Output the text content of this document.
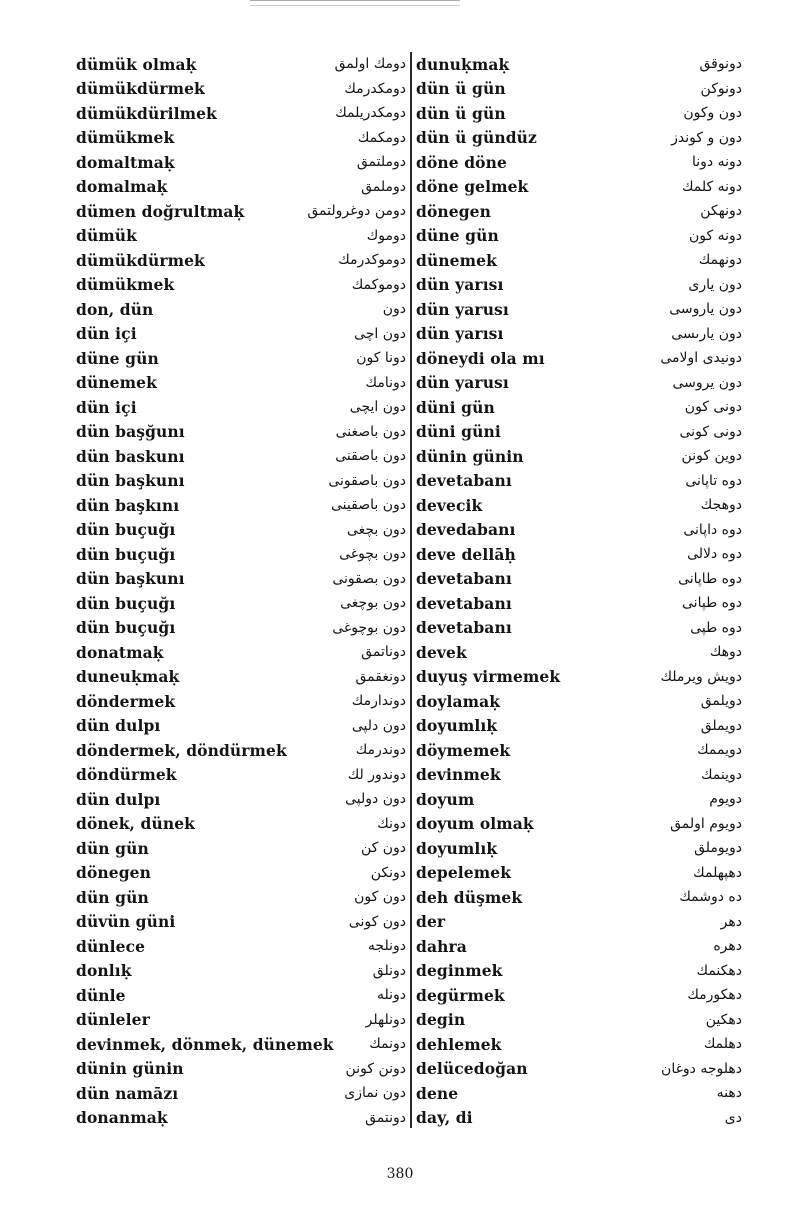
dümük olmaḳ	دومك اولمق
dümükdürmek	دومكدرمك
dümükdürilmek	دومكدريلمك
dümükmek	دومكمك
domaltmaḳ	دوملتمق
domalmaḳ	دوملمق
dümen doğrultmaḳ	دومن دوغرولتمق
dümük	دوموك
dümükdürmek	دوموكدرمك
dümükmek	دوموكمك
don, dün	دون
dün içi	دون اچى
düne gün	دونا كون
dünemek	دونامك
dün içi	دون ايچى
dün başğunı	دون باصغنى
dün baskunı	دون باصقنى
dün başkunı	دون باصقونى
dün başkını	دون باصقينى
dün buçuğı	دون بچغى
dün buçuğı	دون بچوغى
dün başkunı	دون بصقونى
dün buçuğı	دون بوچغى
dün buçuğı	دون بوچوغى
donatmaḳ	دوناتمق
duneuḳmaḳ	دونغقمق
döndermek	دوندارمك
dün dulpı	دون دلپى
döndermek, döndürmek	دوندرمك
döndürmek	دوندور لك
dün dulpı	دون دولپى
dönek, dünek	دونك
dün gün	دون كن
dönegen	دونكن
dün gün	دون كون
düvün güni	دون كونى
dünlece	دونلجه
donlıḳ	دونلق
dünle	دونله
dünleler	دونلهلر
devinmek, dönmek, dünemek	دونمك
dünin günin	دونن كونن
dün namāzı	دون نمازى
donanmaḳ	دونتمق
dunuḳmaḳ	دونوقق
dün ü gün	دونوكن
dün ü gün	دون وكون
dün ü gündüz	دون و كوندز
döne döne	دونه دونا
döne gelmek	دونه كلمك
dönegen	دونهكن
düne gün	دونه كون
dünemek	دونهمك
dün yarısı	دون يارى
dün yarusı	دون ياروسى
dün yarısı	دون يارىسى
döneydi ola mı	دونيدى اولامى
dün yarusı	دون يروسى
düni gün	دونى كون
düni güni	دونى كونى
dünin günin	دوين كونن
devetabanı	دوه تاپانى
devecik	دوهجك
devedabanı	دوه داپانى
deve dellāḥ	دوه دلالى
devetabanı	دوه طاپانى
devetabanı	دوه طپانى
devetabanı	دوه طپى
devek	دوهك
duyuş virmemek	دويش ويرملك
doylamaḳ	دويلمق
doyumlıḳ	دويملق
döymemek	دويممك
devinmek	دوينمك
doyum	دويوم
doyum olmaḳ	دويوم اولمق
doyumlıḳ	دويوملق
depelemek	دهپهلمك
deh düşmek	ده دوشمك
der	دهر
dahra	دهره
deginmek	دهكنمك
degürmek	دهكورمك
degin	دهكين
dehlemek	دهلمك
delücedoğan	دهلوجه دوغان
dene	دهنه
day, di	دى
380
